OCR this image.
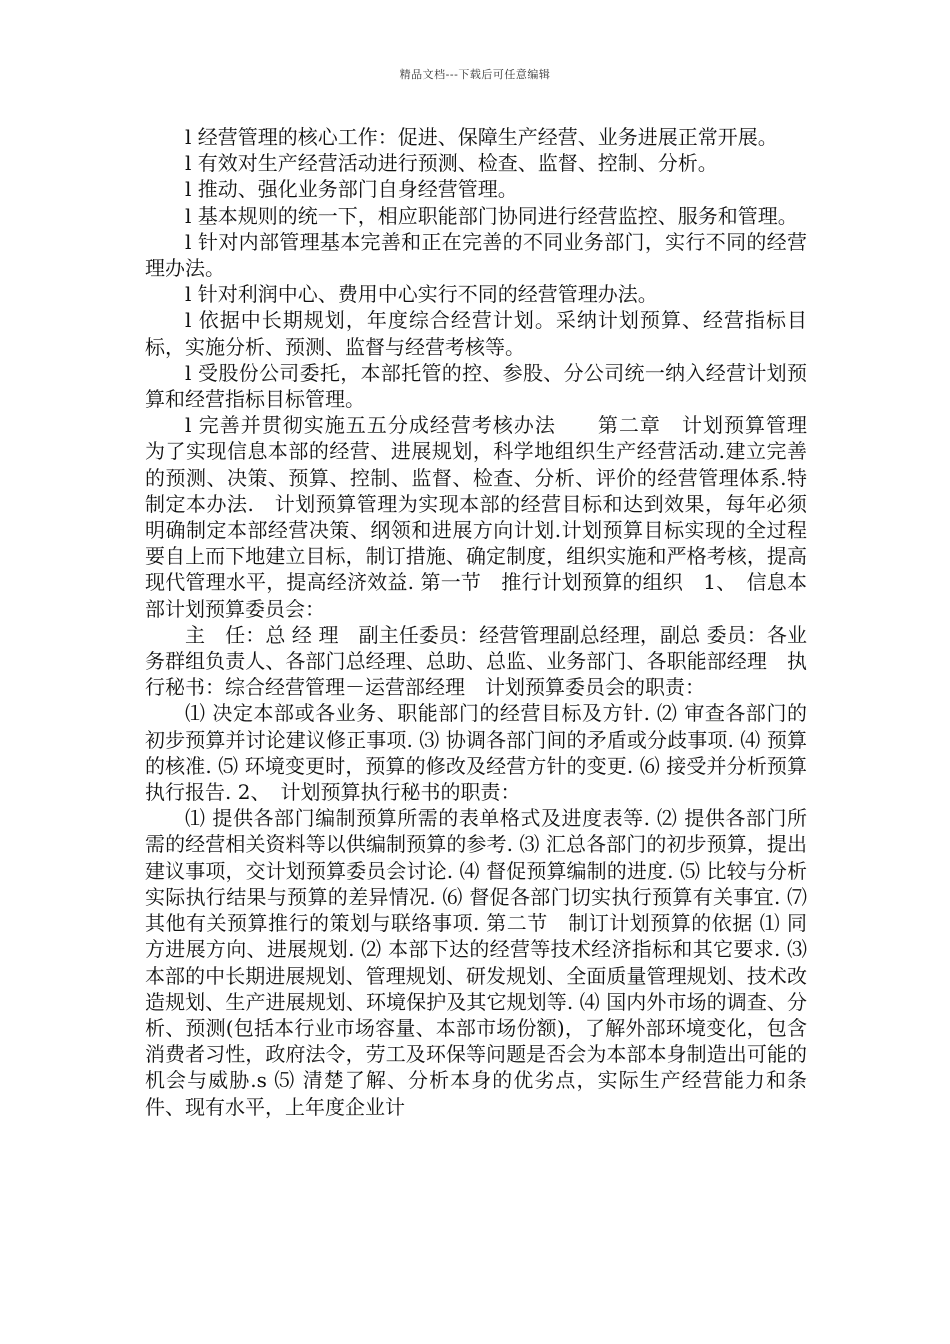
精品文档---下载后可任意编辑

l 经营管理的核心工作：促进、保障生产经营、业务进展正常开展。

l 有效对生产经营活动进行预测、检查、监督、控制、分析。

l 推动、强化业务部门自身经营管理。

l 基本规则的统一下，相应职能部门协同进行经营监控、服务和管理。

l 针对内部管理基本完善和正在完善的不同业务部门，实行不同的经营理办法。

l 针对利润中心、费用中心实行不同的经营管理办法。

l 依据中长期规划，年度综合经营计划。采纳计划预算、经营指标目标，实施分析、预测、监督与经营考核等。

l 受股份公司委托，本部托管的控、参股、分公司统一纳入经营计划预算和经营指标目标管理。

l 完善并贯彻实施五五分成经营考核办法　　第二章　计划预算管理　为了实现信息本部的经营、进展规划，科学地组织生产经营活动.建立完善的预测、决策、预算、控制、监督、检查、分析、评价的经营管理体系.特制定本办法.　计划预算管理为实现本部的经营目标和达到效果，每年必须明确制定本部经营决策、纲领和进展方向计划.计划预算目标实现的全过程要自上而下地建立目标，制订措施、确定制度，组织实施和严格考核，提高现代管理水平，提高经济效益. 第一节　推行计划预算的组织　1、　信息本部计划预算委员会：

主　任：总 经 理　副主任委员：经营管理副总经理，副总 委员：各业务群组负责人、各部门总经理、总助、总监、业务部门、各职能部经理　执行秘书：综合经营管理－运营部经理　计划预算委员会的职责：

⑴ 决定本部或各业务、职能部门的经营目标及方针. ⑵ 审查各部门的初步预算并讨论建议修正事项. ⑶ 协调各部门间的矛盾或分歧事项. ⑷ 预算的核准. ⑸ 环境变更时，预算的修改及经营方针的变更. ⑹ 接受并分析预算执行报告. 2、　计划预算执行秘书的职责：

⑴ 提供各部门编制预算所需的表单格式及进度表等. ⑵ 提供各部门所需的经营相关资料等以供编制预算的参考. ⑶ 汇总各部门的初步预算，提出建议事项，交计划预算委员会讨论. ⑷ 督促预算编制的进度. ⑸ 比较与分析实际执行结果与预算的差异情况. ⑹ 督促各部门切实执行预算有关事宜. ⑺ 其他有关预算推行的策划与联络事项. 第二节　制订计划预算的依据 ⑴ 同方进展方向、进展规划. ⑵ 本部下达的经营等技术经济指标和其它要求. ⑶ 本部的中长期进展规划、管理规划、研发规划、全面质量管理规划、技术改造规划、生产进展规划、环境保护及其它规划等. ⑷ 国内外市场的调查、分析、预测(包括本行业市场容量、本部市场份额)，了解外部环境变化，包含消费者习性，政府法令，劳工及环保等问题是否会为本部本身制造出可能的机会与威胁.s ⑸ 清楚了解、分析本身的优劣点，实际生产经营能力和条件、现有水平，上年度企业计
